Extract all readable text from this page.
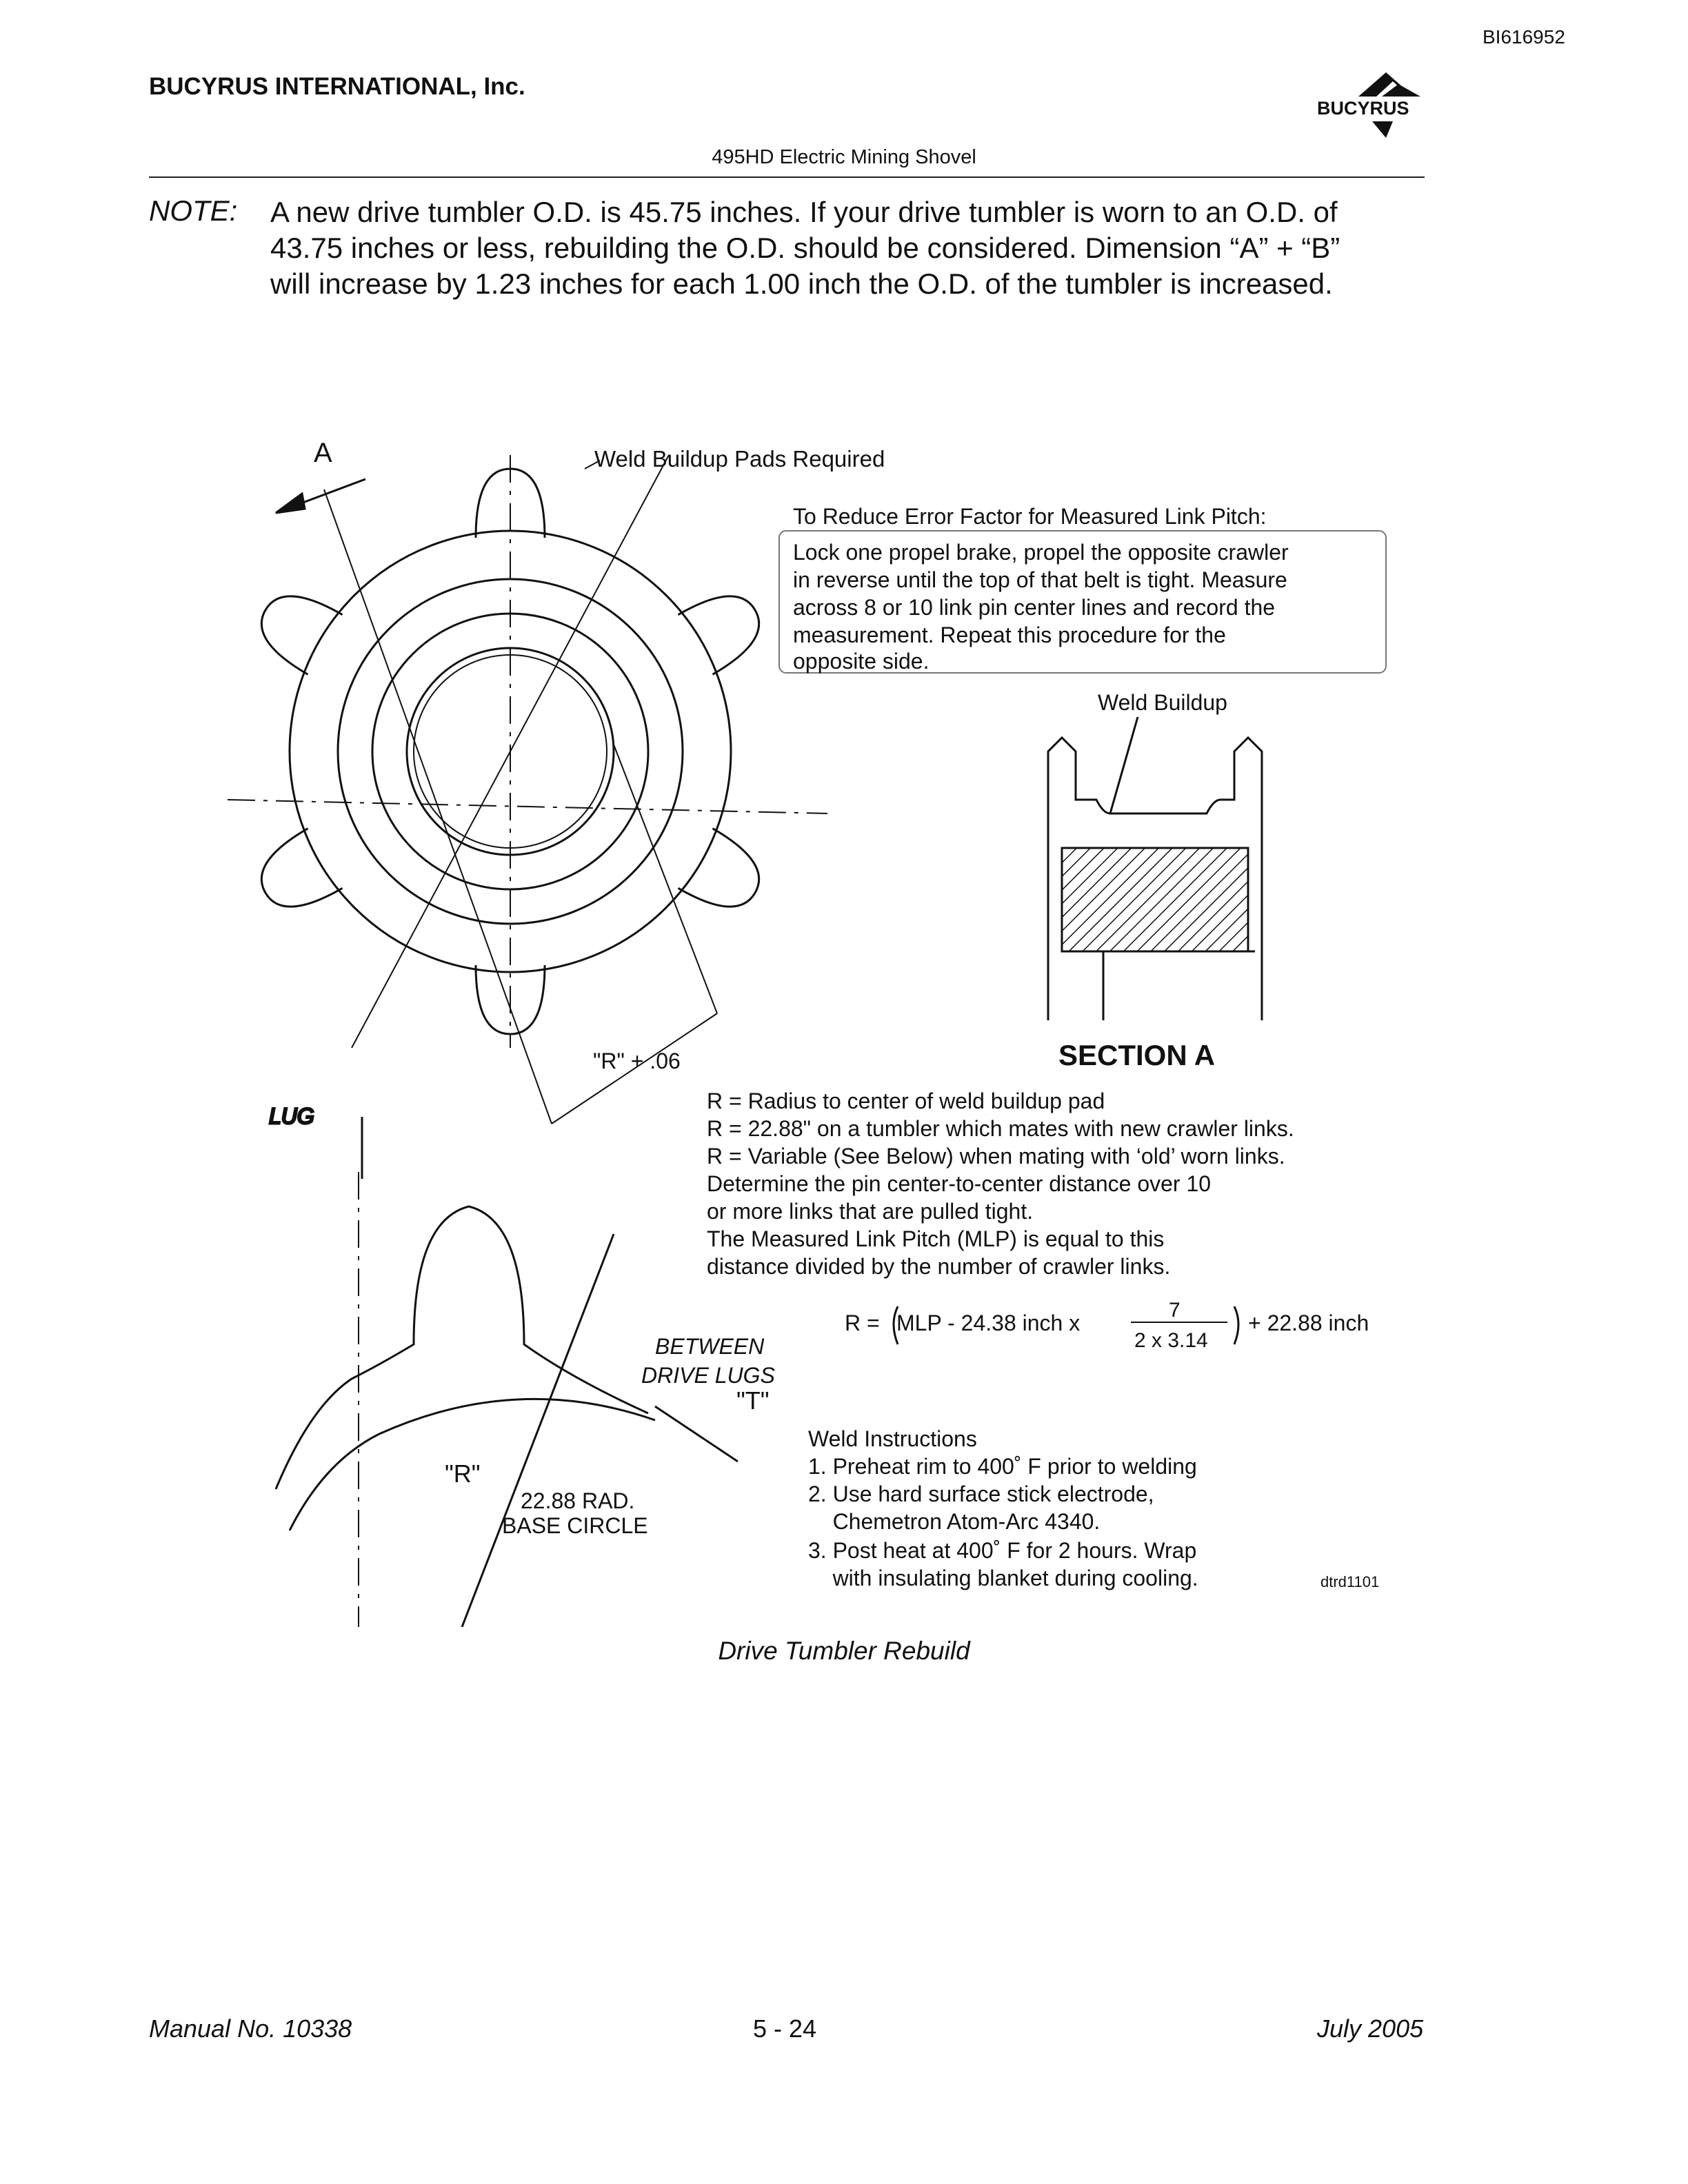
BI616952
BUCYRUS INTERNATIONAL, Inc.
BUCYRUS
495HD Electric Mining Shovel
NOTE: A new drive tumbler O.D. is 45.75 inches. If your drive tumbler is worn to an O.D. of
43.75 inches or less, rebuilding the O.D. should be considered. Dimension “A” + “B”
will increase by 1.23 inches for each 1.00 inch the O.D. of the tumbler is increased.
A	Weld Buildup Pads Required
To Reduce Error Factor for Measured Link Pitch:
Lock one propel brake, propel the opposite crawler
in reverse until the top of that belt is tight. Measure
across 8 or 10 link pin center lines and record the
measurement. Repeat this procedure for the
opposite side.
Weld Buildup
SECTION A
"R" + .06
R = Radius to center of weld buildup pad
R = 22.88" on a tumbler which mates with new crawler links.
R = Variable (See Below) when mating with ‘old’ worn links.
Determine the pin center-to-center distance over 10
or more links that are pulled tight.
The Measured Link Pitch (MLP) is equal to this
distance divided by the number of crawler links.
R = MLP - 24.38 inch x
7
2 x 3.14
+ 22.88 inch
LUG
BETWEEN
DRIVE LUGS
"T"
"R"
22.88 RAD.
BASE CIRCLE
Weld Instructions
1. Preheat rim to 400˚ F prior to welding
2. Use hard surface stick electrode,
Chemetron Atom-Arc 4340.
3. Post heat at 400˚ F for 2 hours. Wrap
with insulating blanket during cooling.	dtrd1101
Drive Tumbler Rebuild
Manual No. 10338	5 - 24	July 2005
